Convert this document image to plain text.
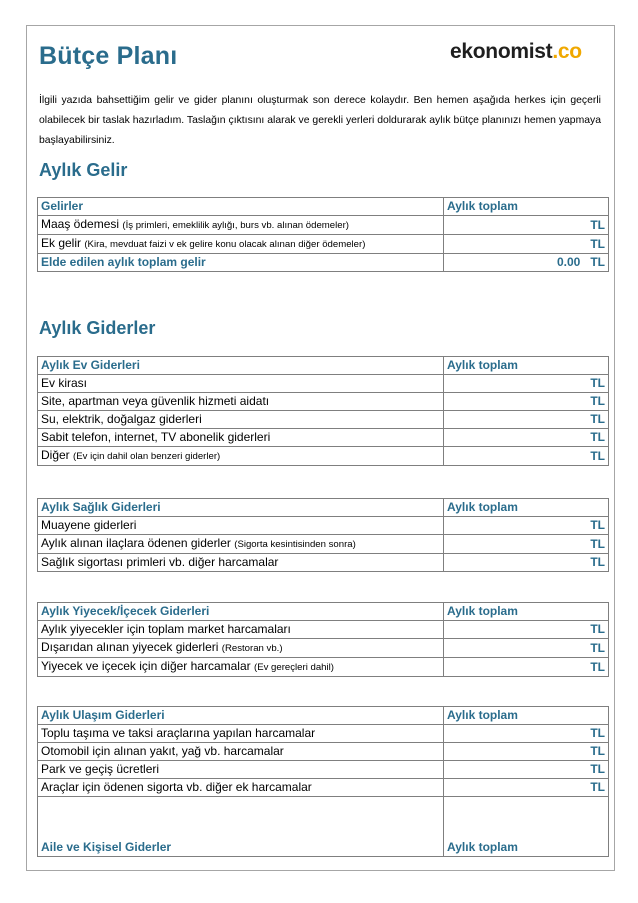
Bütçe Planı	ekonomist.co
İlgili yazıda bahsettiğim gelir ve gider planını oluşturmak son derece kolaydır. Ben hemen aşağıda herkes için geçerli olabilecek bir taslak hazırladım. Taslağın çıktısını alarak ve gerekli yerleri doldurarak aylık bütçe planınızı hemen yapmaya başlayabilirsiniz.
Aylık Gelir
Gelirler	Aylık toplam
Maaş ödemesi (İş primleri, emeklilik aylığı, burs vb. alınan ödemeler)	TL
Ek gelir (Kira, mevduat faizi v ek gelire konu olacak alınan diğer ödemeler)	TL
Elde edilen aylık toplam gelir	0.00 TL
Aylık Giderler
Aylık Ev Giderleri	Aylık toplam
Ev kirası	TL
Site, apartman veya güvenlik hizmeti aidatı	TL
Su, elektrik, doğalgaz giderleri	TL
Sabit telefon, internet, TV abonelik giderleri	TL
Diğer (Ev için dahil olan benzeri giderler)	TL
Aylık Sağlık Giderleri	Aylık toplam
Muayene giderleri	TL
Aylık alınan ilaçlara ödenen giderler (Sigorta kesintisinden sonra)	TL
Sağlık sigortası primleri vb. diğer harcamalar	TL
Aylık Yiyecek/İçecek Giderleri	Aylık toplam
Aylık yiyecekler için toplam market harcamaları	TL
Dışarıdan alınan yiyecek giderleri (Restoran vb.)	TL
Yiyecek ve içecek için diğer harcamalar (Ev gereçleri dahil)	TL
Aylık Ulaşım Giderleri	Aylık toplam
Toplu taşıma ve taksi araçlarına yapılan harcamalar	TL
Otomobil için alınan yakıt, yağ vb. harcamalar	TL
Park ve geçiş ücretleri	TL
Araçlar için ödenen sigorta vb. diğer ek harcamalar	TL
Aile ve Kişisel Giderler	Aylık toplam
